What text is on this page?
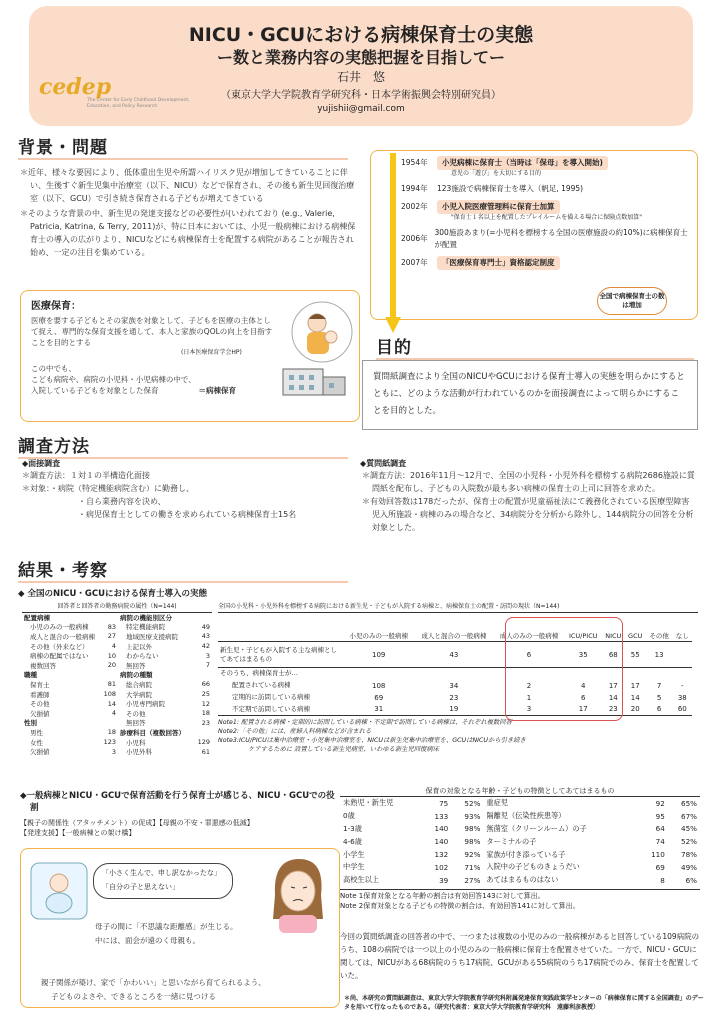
NICU・GCUにおける病棟保育士の実態
ー数と業務内容の実態把握を目指してー
石井　悠
（東京大学大学院教育学研究科・日本学術振興会特別研究員）
yujishii@gmail.com
cedep
The Center for Early Childhood Development, Education, and Policy Research
背景・問題
＊近年、様々な要因により、低体重出生児や所謂ハイリスク児が増加してきていることに伴い、生後すぐ新生児集中治療室（以下、NICU）などで保育され、その後も新生児回復治療室（以下、GCU）で引き続き保育される子どもが増えてきている
＊そのような背景の中、新生児の発達支援などの必要性が(いわれており (e.g., Valerie, Patricia, Katrina, & Terry, 2011)が、特に日本においては、小児一般病棟における病棟保育士の導入の広がりより、NICUなどにも病棟保育士を配置する病院があることが報告され始め、一定の注目を集めている。
医療保育：
医療を要する子どもとその家族を対象として、子どもを医療の主体として捉え、専門的な保育支援を通して、本人と家族のQOLの向上を目指すことを目的とする
(日本医療保育学会HP)
この中でも、
こども病院や、病院の小児科・小児病棟の中で、
入院している子どもを対象とした保育	＝病棟保育
1954年	小児病棟に保育士（当時は「保母」を導入開始)
意児の「遊び」を大切にする目的
1994年	123施設で病棟保育士を導入（帆足, 1995)
2002年	小児入院医療管理料に保育士加算
"保育士１名以上を配置したプレイルームを備える場合に保険点数加算"
2006年
300施設あまり(=小児科を標榜する全国の医療施設の約10%)に病棟保育士が配置
2007年	「医療保育専門士」資格認定制度
全国で病棟保育士の数は増加
目的
質問紙調査により全国のNICUやGCUにおける保育士導入の実態を明らかにするとともに、どのような活動が行われているのかを面接調査によって明らかにすることを目的とした。
調査方法
◆面接調査
＊調査方法：１対１の半構造化面接
＊対象：・病院（特定機能病院含む）に勤務し、
・自ら業務内容を決め、
・病児保育士としての働きを求められている病棟保育士15名
◆質問紙調査
＊調査方法：2016年11月〜12月で、全国の小児科・小児外科を標榜する病院2686施設に質問紙を配布し、子どもの入院数が最も多い病棟の保育士の上司に回答を求めた。
＊有効回答数は178だったが、保育士の配置が児童福祉法にて義務化されている医療型障害児入所施設・病棟のみの場合など、34病院分を分析から除外し、144病院分の回答を分析対象とした。
結果・考察
◆ 全国のNICU・GCUにおける保育士導入の実態
回答者と回答者の勤務病院の属性（N=144)
配置病棟	
小児のみの一般病棟	83
成人と混合の一般病棟	27
その他（外来など）	4
病棟の配属ではない	10
複数回答	20
職種	
保育士	81
看護師	108
その他	14
欠損値	4
性別	
男性	18
女性	123
欠損値	3
病院の機能別区分	
特定機能病院	49
地域医療支援病院	43
上記以外	42
わからない	3
無回答	7
病院の種類	
総合病院	66
大学病院	25
小児専門病院	12
その他	18
無回答	23
診療科目（複数回答）	
小児科	129
小児外科	61
全国の小児科・小児外科を標榜する病院における新生児・子どもが入院する病棟と、病棟保育士の配置・訪問の現状（N=144)
	小児のみの一般病棟	成人と混合の一般病棟	成人のみの一般病棟	ICU/PICU	NICU	GCU	その他	なし
新生児・子どもが入院する主な病棟としてあてはまるもの	109	43	6	35	68	55	13	
そのうち、病棟保育士が…								
配置されている病棟	108	34	2	4	17	17	7	-
定期的に訪問している病棟	69	23	1	6	14	14	5	38
不定期で訪問している病棟	31	19	3	17	23	20	6	60
Note1: 配置される病棟・定期的に訪問している病棟・不定期で訪問している病棟は、それぞれ複数回答
Note2:「その他」には、産婦人科病棟などが含まれる
Note3:ICU/PICUは集中治療室・小児集中治療室を、NICUは新生児集中治療室を、GCUはNICUから引き続き
ケアするために 設置している新生児病室、いわゆる新生児回復病床
◆一般病棟とNICU・GCUで保育活動を行う保育士が感じる、NICU・GCUでの役割
【親子の関係性（アタッチメント）の促成】【母親の不安・罪悪感の低減】
【発達支援】【一般病棟との架け橋】
「小さく生んで、申し訳なかったな」
「自分の子と思えない」
母子の間に「不思議な距離感」が生じる。
中には、面会が遠のく母親も。
親子関係が築け、家で「かわいい」と思いながら育てられるよう、
子どものよさや、できるところを一緒に見つける
保育の対象となる年齢・子どもの特徴としてあてはまるもの
未熟児・新生児	75	52%	重症児	92	65%
0歳	133	93%	隔離児（伝染性疾患等）	95	67%
1-3歳	140	98%	無菌室（クリーンルーム）の子	64	45%
4-6歳	140	98%	ターミナルの子	74	52%
小学生	132	92%	家族が付き添っている子	110	78%
中学生	102	71%	入院中の子どものきょうだい	69	49%
高校生以上	39	27%	あてはまるものはない	8	6%
Note 1保育対象となる年齢の割合は有効回答143に対して算出。
Note 2保育対象となる子どもの特徴の割合は、有効回答141に対して算出。
今回の質問紙調査の回答者の中で、一つまたは複数の小児のみの一般病棟があると回答している109病院のうち、108の病院では一つ以上の小児のみの一般病棟に保育士を配置させていた。一方で、NICU・GCUに関しては、NICUがある68病院のうち17病院、GCUがある55病院のうち17病院でのみ、保育士を配置していた。
＊尚、本研究の質問紙調査は、東京大学大学院教育学研究科附属発達保育実践政策学センターの「病棟保育に関する全国調査」のデータを用いて行なったものである。（研究代表者：東京大学大学院教育学研究科　遠藤利彦教授）
